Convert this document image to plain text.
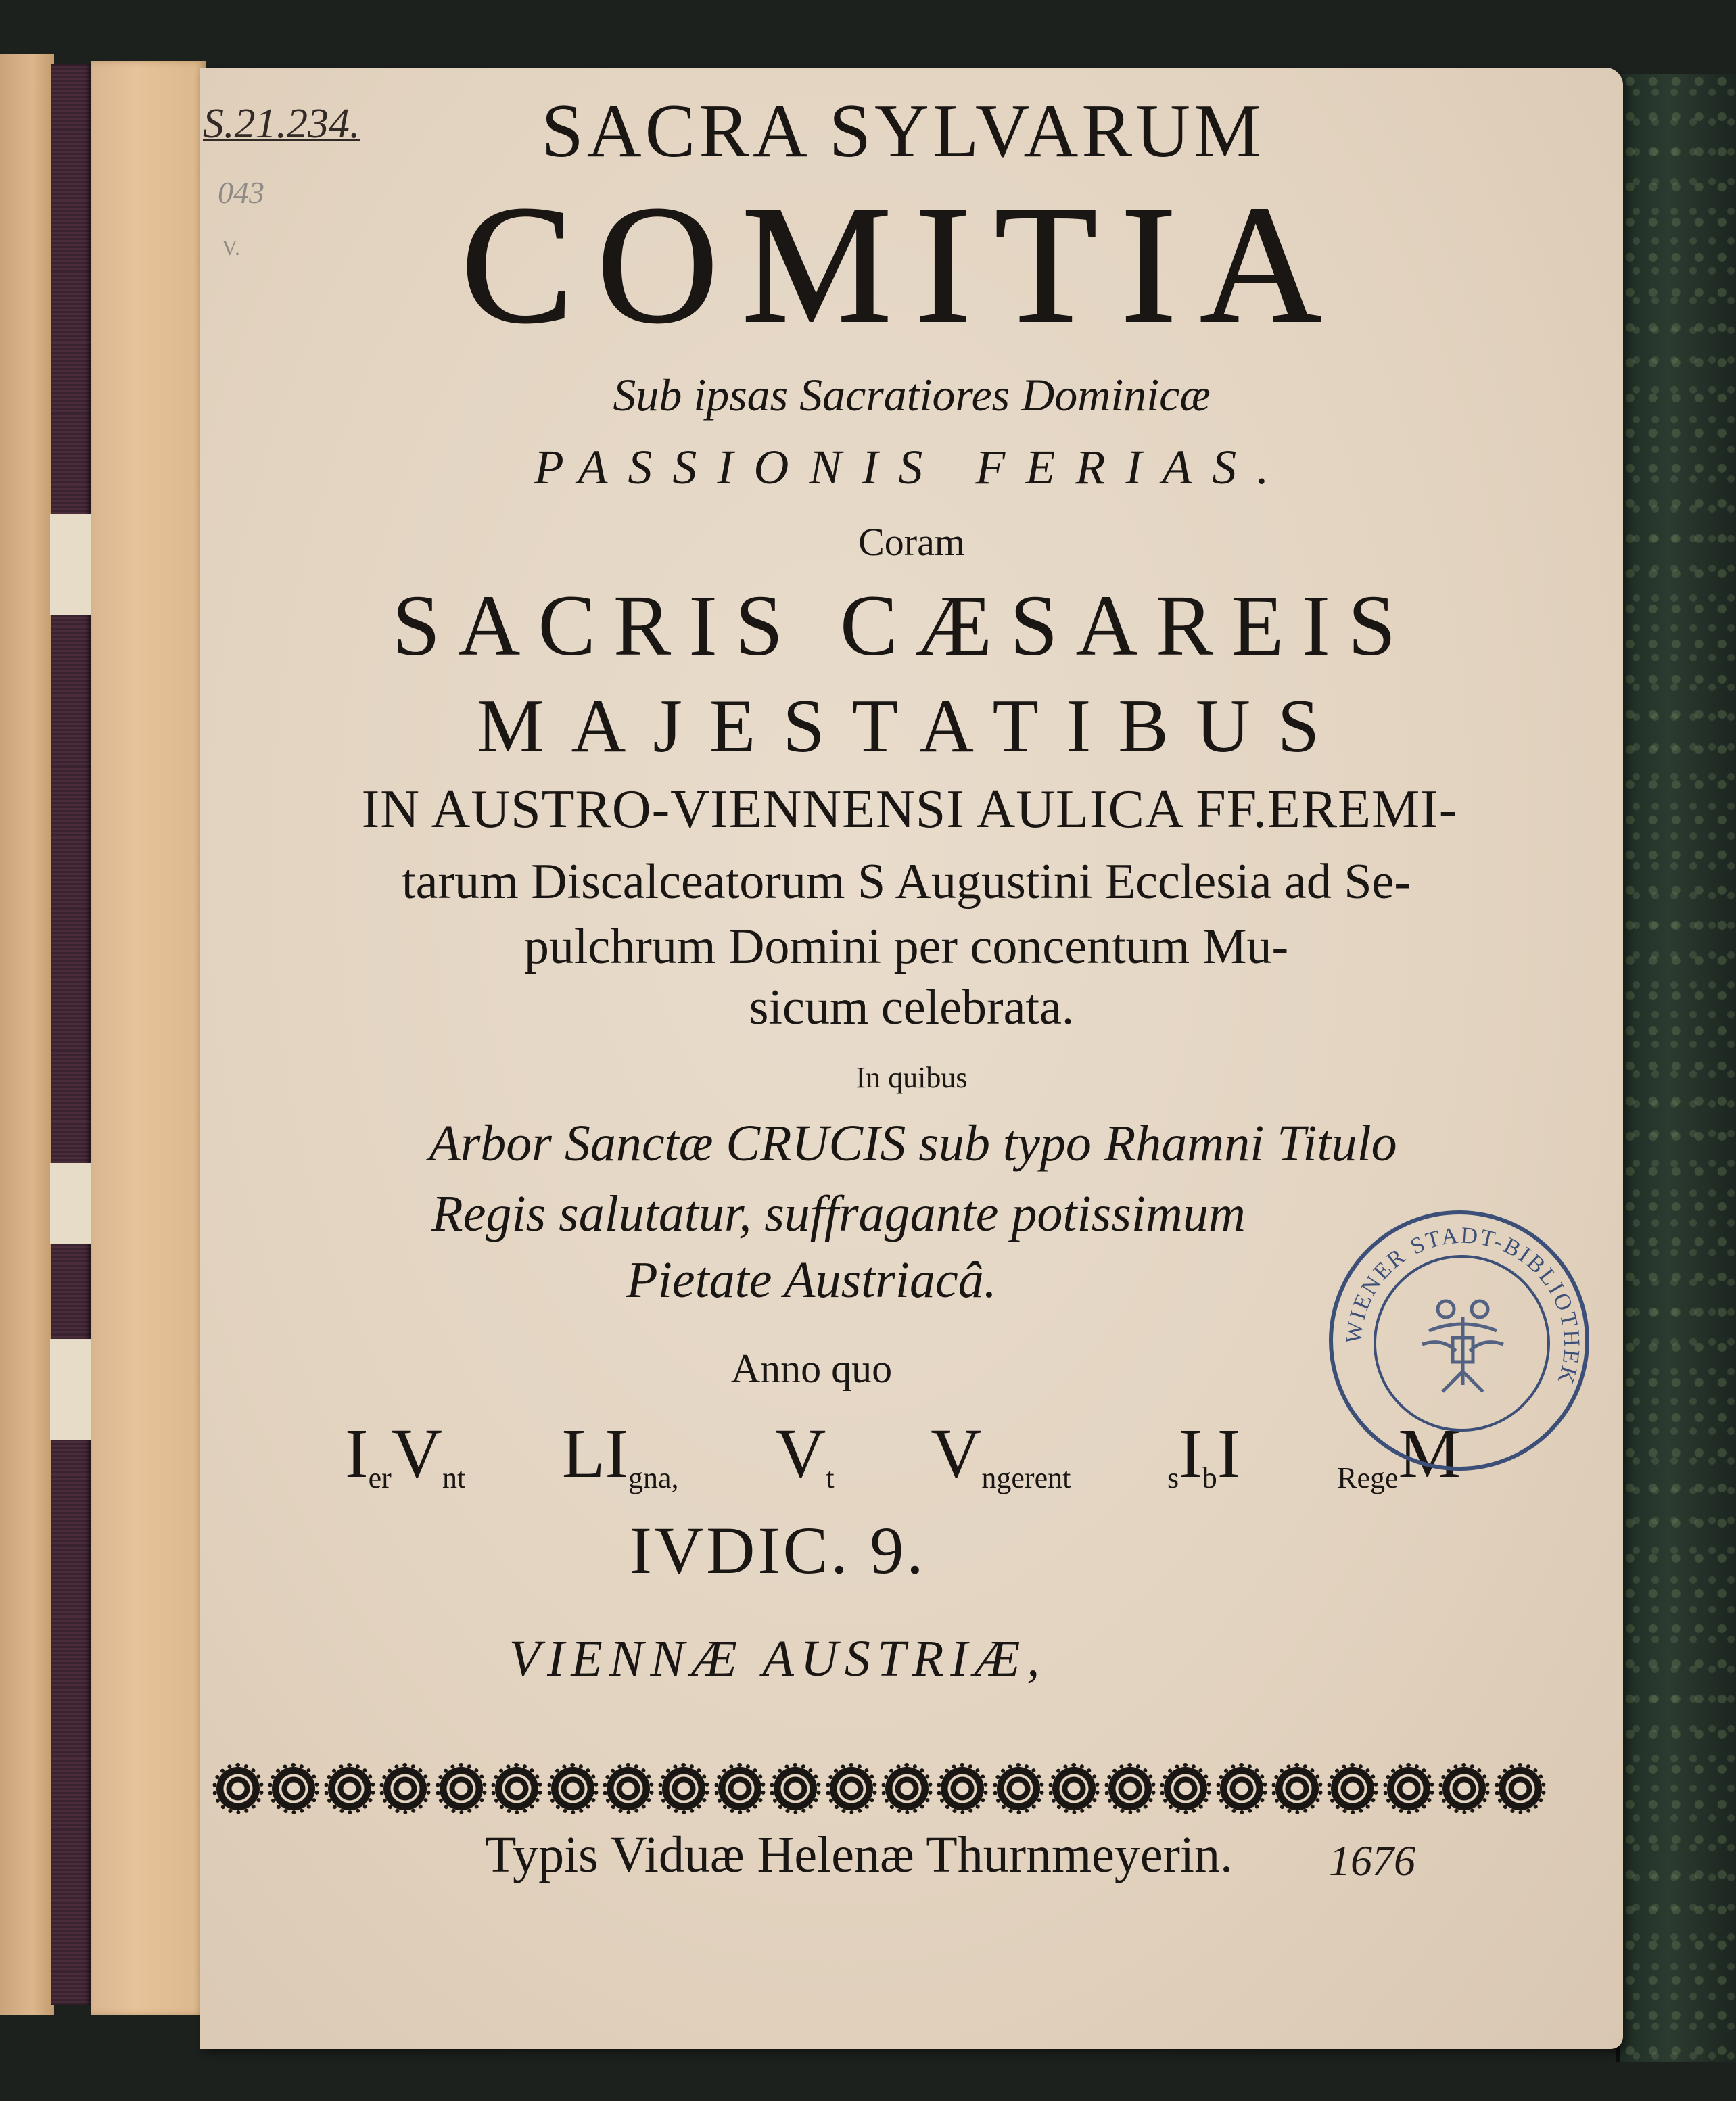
S.21.234.
043
V.
SACRA SYLVARUM
COMITIA
Sub ipsas Sacratiores Dominicæ
PASSIONIS FERIAS.
Coram
SACRIS CÆSAREIS
MAJESTATIBUS
IN AUSTRO-VIENNENSI AULICA FF.EREMI-
tarum Discalceatorum S Augustini Ecclesia ad Se-
pulchrum Domini per concentum Mu-
sicum celebrata.
In quibus
Arbor Sanctæ CRUCIS sub typo Rhamni Titulo
Regis salutatur, suffragante potissimum
Pietate Austriacâ.
Anno quo
IerVnt LIgna, Vt Vngerent	sIbI	RegeM
IVDIC. 9.
VIENNÆ AUSTRIÆ,
Typis Viduæ Helenæ Thurnmeyerin.	1676
WIENER STADT-BIBLIOTHEK
